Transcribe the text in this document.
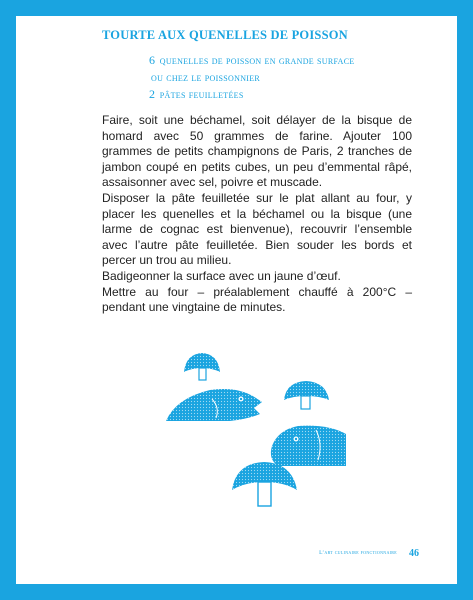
TOURTE AUX QUENELLES DE POISSON
6 quenelles de poisson en grande surface
ou chez le poissonnier
2 pâtes feuilletées

Faire, soit une béchamel, soit délayer de la bisque de homard avec 50 grammes de farine. Ajouter 100 grammes de petits champignons de Paris, 2 tranches de jambon coupé en petits cubes, un peu d’emmental râpé, assaisonner avec sel, poivre et muscade.

Disposer la pâte feuilletée sur le plat allant au four, y placer les quenelles et la béchamel ou la bisque (une larme de cognac est bienvenue), recouvrir l’ensemble avec l’autre pâte feuilletée. Bien souder les bords et percer un trou au milieu.

Badigeonner la surface avec un jaune d’œuf.

Mettre au four – préalablement chauffé à 200°C – pendant une vingtaine de minutes.

L’art culinaire fonctionnaire 46
